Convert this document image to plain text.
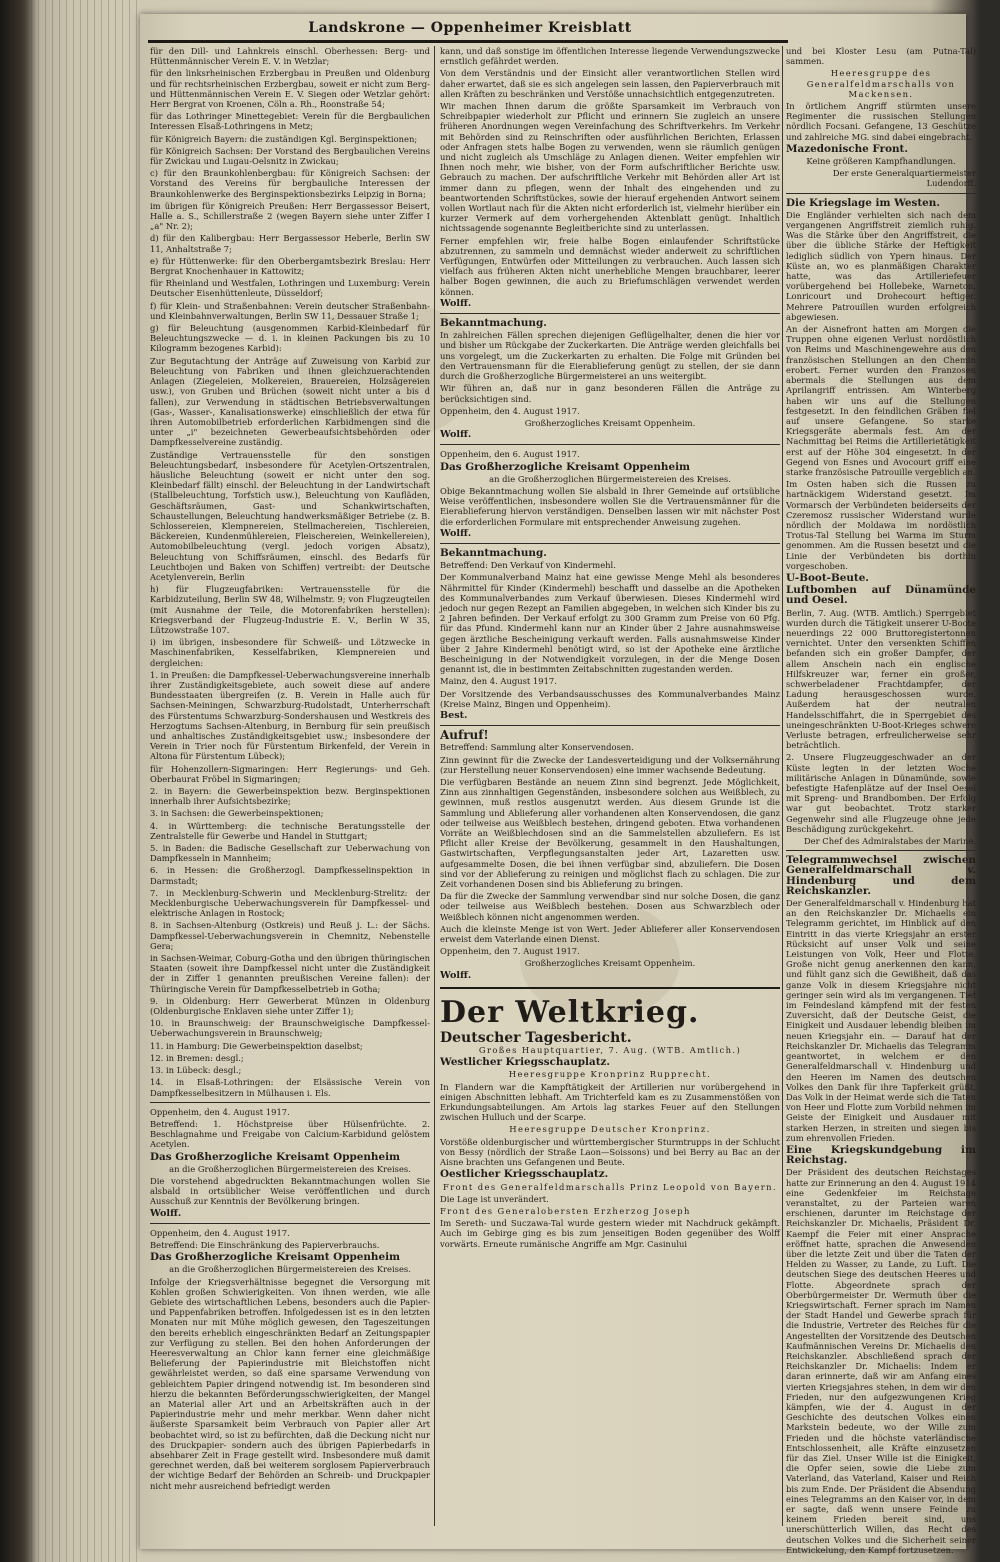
Landskrone — Oppenheimer Kreisblatt

für den Dill- und Lahnkreis einschl. Oberhessen: Berg- und Hüttenmännischer Verein E. V. in Wetzlar;

für den linksrheinischen Erzbergbau in Preußen und Oldenburg und für rechtsrheinischen Erzbergbau, soweit er nicht zum Berg- und Hüttenmännischen Verein E. V. Siegen oder Wetzlar gehört: Herr Bergrat von Kroenen, Cöln a. Rh., Roonstraße 54;

für das Lothringer Minettegebiet: Verein für die Bergbaulichen Interessen Elsaß-Lothringens in Metz;

für Königreich Bayern: die zuständigen Kgl. Berginspektionen;

für Königreich Sachsen: Der Vorstand des Bergbaulichen Vereins für Zwickau und Lugau-Oelsnitz in Zwickau;

c) für den Braunkohlenbergbau: für Königreich Sachsen: der Vorstand des Vereins für bergbauliche Interessen der Braunkohlenwerke des Berginspektionsbezirks Leipzig in Borna;

im übrigen für Königreich Preußen: Herr Bergassessor Beisert, Halle a. S., Schillerstraße 2 (wegen Bayern siehe unter Ziffer I „a" Nr. 2);

d) für den Kalibergbau: Herr Bergassessor Heberle, Berlin SW 11, Anhaltstraße 7;

e) für Hüttenwerke: für den Oberbergamtsbezirk Breslau: Herr Bergrat Knochenhauer in Kattowitz;

für Rheinland und Westfalen, Lothringen und Luxemburg: Verein Deutscher Eisenhüttenleute, Düsseldorf;

f) für Klein- und Straßenbahnen: Verein deutscher Straßenbahn- und Kleinbahnverwaltungen, Berlin SW 11, Dessauer Straße 1;

g) für Beleuchtung (ausgenommen Karbid-Kleinbedarf für Beleuchtungszwecke — d. i. in kleinen Packungen bis zu 10 Kilogramm bezogenes Karbid):

Zur Begutachtung der Anträge auf Zuweisung von Karbid zur Beleuchtung von Fabriken und ihnen gleichzuerachtenden Anlagen (Ziegeleien, Molkereien, Brauereien, Holzsägereien usw.), von Gruben und Brüchen (soweit nicht unter a bis d fallen), zur Verwendung in städtischen Betriebsverwaltungen (Gas-, Wasser-, Kanalisationswerke) einschließlich der etwa für ihren Automobilbetrieb erforderlichen Karbidmengen sind die unter „i" bezeichneten Gewerbeaufsichtsbehörden oder Dampfkesselvereine zuständig.

Zuständige Vertrauensstelle für den sonstigen Beleuchtungsbedarf, insbesondere für Acetylen-Ortszentralen, häusliche Beleuchtung (soweit er nicht unter den sog. Kleinbedarf fällt) einschl. der Beleuchtung in der Landwirtschaft (Stallbeleuchtung, Torfstich usw.), Beleuchtung von Kaufläden, Geschäftsräumen, Gast- und Schankwirtschaften, Schaustellungen, Beleuchtung handwerksmäßiger Betriebe (z. B. Schlossereien, Klempnereien, Stellmachereien, Tischlereien, Bäckereien, Kundenmühlereien, Fleischereien, Weinkellereien), Automobilbeleuchtung (vergl. jedoch vorigen Absatz), Beleuchtung von Schiffsräumen, einschl. des Bedarfs für Leuchtbojen und Baken von Schiffen) vertreibt: der Deutsche Acetylenverein, Berlin

h) für Flugzeugfabriken: Vertrauensstelle für die Karbidzuteilung, Berlin SW 48, Wilhelmstr. 9; von Flugzeugteilen (mit Ausnahme der Teile, die Motorenfabriken herstellen): Kriegsverband der Flugzeug-Industrie E. V., Berlin W 35, Lützowstraße 107.

i) im übrigen, insbesondere für Schweiß- und Lötzwecke in Maschinenfabriken, Kesselfabriken, Klempnereien und dergleichen:

1. in Preußen: die Dampfkessel-Ueberwachungsvereine innerhalb ihrer Zuständigkeitsgebiete, auch soweit diese auf andere Bundesstaaten übergreifen (z. B. Verein in Halle auch für Sachsen-Meiningen, Schwarzburg-Rudolstadt, Unterherrschaft des Fürstentums Schwarzburg-Sondershausen und Westkreis des Herzogtums Sachsen-Altenburg, in Bernburg für sein preußisch und anhaltisches Zuständigkeitsgebiet usw.; insbesondere der Verein in Trier noch für Fürstentum Birkenfeld, der Verein in Altona für Fürstentum Lübeck);

für Hohenzollern-Sigmaringen: Herr Regierungs- und Geh. Oberbaurat Fröbel in Sigmaringen;

2. in Bayern: die Gewerbeinspektion bezw. Berginspektionen innerhalb ihrer Aufsichtsbezirke;

3. in Sachsen: die Gewerbeinspektionen;

4. in Württemberg: die technische Beratungsstelle der Zentralstelle für Gewerbe und Handel in Stuttgart;

5. in Baden: die Badische Gesellschaft zur Ueberwachung von Dampfkesseln in Mannheim;

6. in Hessen: die Großherzogl. Dampfkesselinspektion in Darmstadt;

7. in Mecklenburg-Schwerin und Mecklenburg-Strelitz: der Mecklenburgische Ueberwachungsverein für Dampfkessel- und elektrische Anlagen in Rostock;

8. in Sachsen-Altenburg (Ostkreis) und Reuß j. L.: der Sächs. Dampfkessel-Ueberwachungsverein in Chemnitz, Nebenstelle Gera;

in Sachsen-Weimar, Coburg-Gotha und den übrigen thüringischen Staaten (soweit ihre Dampfkessel nicht unter die Zuständigkeit der in Ziffer 1 genannten preußischen Vereine fallen): der Thüringische Verein für Dampfkesselbetrieb in Gotha;

9. in Oldenburg: Herr Gewerberat Münzen in Oldenburg (Oldenburgische Enklaven siehe unter Ziffer 1);

10. in Braunschweig: der Braunschweigische Dampfkessel-Ueberwachungsverein in Braunschweig;

11. in Hamburg: Die Gewerbeinspektion daselbst;

12. in Bremen: desgl.;

13. in Lübeck: desgl.;

14. in Elsaß-Lothringen: der Elsässische Verein von Dampfkesselbesitzern in Mülhausen i. Els.

Oppenheim, den 4. August 1917.

Betreffend: 1. Höchstpreise über Hülsenfrüchte. 2. Beschlagnahme und Freigabe von Calcium-Karbidund gelöstem Acetylen.

Das Großherzogliche Kreisamt Oppenheim

an die Großherzoglichen Bürgermeistereien des Kreises.

Die vorstehend abgedruckten Bekanntmachungen wollen Sie alsbald in ortsüblicher Weise veröffentlichen und durch Ausschuß zur Kenntnis der Bevölkerung bringen.

Wolff.

Oppenheim, den 4. August 1917.

Betreffend: Die Einschränkung des Papierverbrauchs.

Das Großherzogliche Kreisamt Oppenheim

an die Großherzoglichen Bürgermeistereien des Kreises.

Infolge der Kriegsverhältnisse begegnet die Versorgung mit Kohlen großen Schwierigkeiten. Von ihnen werden, wie alle Gebiete des wirtschaftlichen Lebens, besonders auch die Papier- und Pappenfabriken betroffen. Infolgedessen ist es in den letzten Monaten nur mit Mühe möglich gewesen, den Tageszeitungen den bereits erheblich eingeschränkten Bedarf an Zeitungspapier zur Verfügung zu stellen. Bei den hohen Anforderungen der Heeresverwaltung an Chlor kann ferner eine gleichmäßige Belieferung der Papierindustrie mit Bleichstoffen nicht gewährleistet werden, so daß eine sparsame Verwendung von gebleichtem Papier dringend notwendig ist. Im besonderen sind hierzu die bekannten Beförderungsschwierigkeiten, der Mangel an Material aller Art und an Arbeitskräften auch in der Papierindustrie mehr und mehr merkbar. Wenn daher nicht äußerste Sparsamkeit beim Verbrauch von Papier aller Art beobachtet wird, so ist zu befürchten, daß die Deckung nicht nur des Druckpapier- sondern auch des übrigen Papierbedarfs in absehbarer Zeit in Frage gestellt wird. Insbesondere muß damit gerechnet werden, daß bei weiterem sorglosem Papierverbrauch der wichtige Bedarf der Behörden an Schreib- und Druckpapier nicht mehr ausreichend befriedigt werden

kann, und daß sonstige im öffentlichen Interesse liegende Verwendungszwecke ernstlich gefährdet werden.

Von dem Verständnis und der Einsicht aller verantwortlichen Stellen wird daher erwartet, daß sie es sich angelegen sein lassen, den Papierverbrauch mit allen Kräften zu beschränken und Verstöße unnachsichtlich entgegenzutreten.

Wir machen Ihnen darum die größte Sparsamkeit im Verbrauch von Schreibpapier wiederholt zur Pflicht und erinnern Sie zugleich an unsere früheren Anordnungen wegen Vereinfachung des Schriftverkehrs. Im Verkehr mit Behörden sind zu Reinschriften oder ausführlichen Berichten, Erlassen oder Anfragen stets halbe Bogen zu verwenden, wenn sie räumlich genügen und nicht zugleich als Umschläge zu Anlagen dienen. Weiter empfehlen wir Ihnen noch mehr, wie bisher, von der Form aufschriftlicher Berichte usw. Gebrauch zu machen. Der aufschriftliche Verkehr mit Behörden aller Art ist immer dann zu pflegen, wenn der Inhalt des eingehenden und zu beantwortenden Schriftstückes, sowie der hierauf ergehenden Antwort seinem vollen Wortlaut nach für die Akten nicht erforderlich ist, vielmehr hierüber ein kurzer Vermerk auf dem vorhergehenden Aktenblatt genügt. Inhaltlich nichtssagende sogenannte Begleitberichte sind zu unterlassen.

Ferner empfehlen wir, freie halbe Bogen einlaufender Schriftstücke abzutrennen, zu sammeln und demnächst wieder anderweit zu schriftlichen Verfügungen, Entwürfen oder Mitteilungen zu verbrauchen. Auch lassen sich vielfach aus früheren Akten nicht unerhebliche Mengen brauchbarer, leerer halber Bogen gewinnen, die auch zu Briefumschlägen verwendet werden können.

Wolff.

Bekanntmachung.

In zahlreichen Fällen sprechen diejenigen Geflügelhalter, denen die hier vor und bisher um Rückgabe der Zuckerkarten. Die Anträge werden gleichfalls bei uns vorgelegt, um die Zuckerkarten zu erhalten. Die Folge mit Gründen bei den Vertrauensmann für die Eierablieferung genügt zu stellen, der sie dann durch die Großherzogliche Bürgermeisterei an uns weitergibt.

Wir führen an, daß nur in ganz besonderen Fällen die Anträge zu berücksichtigen sind.

Oppenheim, den 4. August 1917.

Großherzogliches Kreisamt Oppenheim.

Wolff.

Oppenheim, den 6. August 1917.

Das Großherzogliche Kreisamt Oppenheim

an die Großherzoglichen Bürgermeistereien des Kreises.

Obige Bekanntmachung wollen Sie alsbald in Ihrer Gemeinde auf ortsübliche Weise veröffentlichen, insbesondere wollen Sie die Vertrauensmänner für die Eierablieferung hiervon verständigen. Denselben lassen wir mit nächster Post die erforderlichen Formulare mit entsprechender Anweisung zugehen.

Wolff.

Bekanntmachung.

Betreffend: Den Verkauf von Kindermehl.

Der Kommunalverband Mainz hat eine gewisse Menge Mehl als besonderes Nährmittel für Kinder (Kindermehl) beschafft und dasselbe an die Apotheken des Kommunalverbandes zum Verkauf überwiesen. Dieses Kindermehl wird jedoch nur gegen Rezept an Familien abgegeben, in welchen sich Kinder bis zu 2 Jahren befinden. Der Verkauf erfolgt zu 300 Gramm zum Preise von 60 Pfg. für das Pfund. Kindermehl kann nur an Kinder über 2 Jahre ausnahmsweise gegen ärztliche Bescheinigung verkauft werden. Falls ausnahmsweise Kinder über 2 Jahre Kindermehl benötigt wird, so ist der Apotheke eine ärztliche Bescheinigung in der Notwendigkeit vorzulegen, in der die Menge Dosen genannt ist, die in bestimmten Zeitabschnitten zugestanden werden.

Mainz, den 4. August 1917.

Der Vorsitzende des Verbandsausschusses des Kommunalverbandes Mainz (Kreise Mainz, Bingen und Oppenheim).

Best.

Aufruf!

Betreffend: Sammlung alter Konservendosen.

Zinn gewinnt für die Zwecke der Landesverteidigung und der Volksernährung (zur Herstellung neuer Konservendosen) eine immer wachsende Bedeutung.

Die verfügbaren Bestände an neuem Zinn sind begrenzt. Jede Möglichkeit, Zinn aus zinnhaltigen Gegenständen, insbesondere solchen aus Weißblech, zu gewinnen, muß restlos ausgenutzt werden. Aus diesem Grunde ist die Sammlung und Ablieferung aller vorhandenen alten Konservendosen, die ganz oder teilweise aus Weißblech bestehen, dringend geboten. Etwa vorhandenen Vorräte an Weißblechdosen sind an die Sammelstellen abzuliefern. Es ist Pflicht aller Kreise der Bevölkerung, gesammelt in den Haushaltungen, Gastwirtschaften, Verpflegungsanstalten jeder Art, Lazaretten usw. aufgesammelte Dosen, die bei ihnen verfügbar sind, abzuliefern. Die Dosen sind vor der Ablieferung zu reinigen und möglichst flach zu schlagen. Die zur Zeit vorhandenen Dosen sind bis Ablieferung zu bringen.

Da für die Zwecke der Sammlung verwendbar sind nur solche Dosen, die ganz oder teilweise aus Weißblech bestehen. Dosen aus Schwarzblech oder Weißblech können nicht angenommen werden.

Auch die kleinste Menge ist von Wert. Jeder Ablieferer aller Konservendosen erweist dem Vaterlande einen Dienst.

Oppenheim, den 7. August 1917.

Großherzogliches Kreisamt Oppenheim.

Wolff.

Der Weltkrieg.

Deutscher Tagesbericht.

Großes Hauptquartier, 7. Aug. (WTB. Amtlich.)

Westlicher Kriegsschauplatz.

Heeresgruppe Kronprinz Rupprecht.

In Flandern war die Kampftätigkeit der Artillerien nur vorübergehend in einigen Abschnitten lebhaft. Am Trichterfeld kam es zu Zusammenstößen von Erkundungsabteilungen. Am Artois lag starkes Feuer auf den Stellungen zwischen Hulluch und der Scarpe.

Heeresgruppe Deutscher Kronprinz.

Vorstöße oldenburgischer und württembergischer Sturmtrupps in der Schlucht von Bessy (nördlich der Straße Laon—Soissons) und bei Berry au Bac an der Aisne brachten uns Gefangenen und Beute.

Oestlicher Kriegsschauplatz.

Front des Generalfeldmarschalls Prinz Leopold von Bayern.

Die Lage ist unverändert.

Front des Generalobersten Erzherzog Joseph

Im Sereth- und Suczawa-Tal wurde gestern wieder mit Nachdruck gekämpft. Auch im Gebirge ging es bis zum jenseitigen Boden gegenüber des Wolff vorwärts. Erneute rumänische Angriffe am Mgr. Casinului

und bei Kloster Lesu (am Putna-Tal) sammen.

Heeresgruppe des Generalfeldmarschalls von Mackensen.

In örtlichem Angriff stürmten unsere Regimenter die russischen Stellungen nördlich Focsani. Gefangene, 13 Geschütze und zahlreiche MG. sind dabei eingebracht.

Mazedonische Front.

Keine größeren Kampfhandlungen.

Der erste Generalquartiermeister Ludendorff.

Die Kriegslage im Westen.

Die Engländer verhielten sich nach dem vergangenen Angriffstreit ziemlich ruhig. Was die Stärke über den Angriffstreit, die über die übliche Stärke der Heftigkeit lediglich südlich von Ypern hinaus. Der Küste an, wo es planmäßigen Charakter hatte, was das Artilleriefeuer vorübergehend bei Hollebeke, Warneton, Lonricourt und Drohecourt heftiger. Mehrere Patrouillen wurden erfolgreich abgewiesen.

An der Aisnefront hatten am Morgen die Truppen ohne eigenen Verlust nordöstlich von Reims und Maschinengewehre aus den französischen Stellungen an den Chemin erobert. Ferner wurden den Franzosen abermals die Stellungen aus dem Aprilangriff entrissen. Am Winterberg haben wir uns auf die Stellungen festgesetzt. In den feindlichen Gräben fiel auf unsere Gefangene. So starke Kriegsgeräte abermals fest. Am der Nachmittag bei Reims die Artillerietätigkeit erst auf der Höhe 304 eingesetzt. In der Gegend von Esnes und Avocourt griff eine starke französische Patrouille vergeblich an.

Im Osten haben sich die Russen zu hartnäckigem Widerstand gesetzt. Im Vormarsch der Verbündeten beiderseits der Czeremosz russischer Widerstand wurde nördlich der Moldawa im nordöstlich Trotus-Tal Stellung bei Warma im Sturm genommen. Am die Russen besetzt und die Linie der Verbündeten bis dorthin vorgeschoben.

U-Boot-Beute.

Luftbomben auf Dünamünde und Oesel.

Berlin, 7. Aug. (WTB. Amtlich.) Sperrgebiet wurden durch die Tätigkeit unserer U-Boote neuerdings 22 000 Bruttoregistertonnen vernichtet. Unter den versenkten Schiffen befanden sich ein großer Dampfer, der allem Anschein nach ein englische Hilfskreuzer war, ferner ein großer, schwerbeladener Frachtdampfer, der Ladung herausgeschossen wurde. Außerdem hat der neutralen Handelsschiffahrt, die in Sperrgebiet des uneingeschränkten U-Boot-Krieges schwere Verluste betragen, erfreulicherweise sehr beträchtlich.

2. Unsere Flugzeuggeschwader an der Küste legten in der letzten Woche militärische Anlagen in Dünamünde, sowie befestigte Hafenplätze auf der Insel Oesel mit Spreng- und Brandbomben. Der Erfolg war gut beobachtet. Trotz starker Gegenwehr sind alle Flugzeuge ohne jede Beschädigung zurückgekehrt.

Der Chef des Admiralstabes der Marine.

Telegrammwechsel zwischen Generalfeldmarschall v. Hindenburg und dem Reichskanzler.

Der Generalfeldmarschall v. Hindenburg hat an den Reichskanzler Dr. Michaelis ein Telegramm gerichtet, im Hinblick auf den Eintritt in das vierte Kriegsjahr an erster Rücksicht auf unser Volk und seine Leistungen von Volk, Heer und Flotte. Große nicht genug anerkennen den kann, und fühlt ganz sich die Gewißheit, daß das ganze Volk in diesem Kriegsjahre nicht geringer sein wird als im vergangenen. Tief im Feindesland kämpfend mit der festen Zuversicht, daß der Deutsche Geist, die Einigkeit und Ausdauer lebendig bleiben im neuen Kriegsjahr ein. — Darauf hat der Reichskanzler Dr. Michaelis das Telegramm geantwortet, in welchem er den Generalfeldmarschall v. Hindenburg und den Heeren im Namen des deutschen Volkes den Dank für ihre Tapferkeit grüßt. Das Volk in der Heimat werde sich die Taten von Heer und Flotte zum Vorbild nehmen im Geiste der Einigkeit und Ausdauer mit starken Herzen, in streiten und siegen bis zum ehrenvollen Frieden.

Eine Kriegskundgebung im Reichstag.

Der Präsident des deutschen Reichstages hatte zur Erinnerung an den 4. August 1914 eine Gedenkfeier im Reichstage veranstaltet, zu der Parteien waren erschienen, darunter im Reichstage der Reichskanzler Dr. Michaelis, Präsident Dr. Kaempf die Feier mit einer Ansprache eröffnet hatte, sprachen die Anwesenden über die letzte Zeit und über die Taten der Helden zu Wasser, zu Lande, zu Luft. Die deutschen Siege des deutschen Heeres und Flotte. Abgeordnete sprach der Oberbürgermeister Dr. Wermuth über die Kriegswirtschaft. Ferner sprach im Namen der Stadt Handel und Gewerbe sprach für die Industrie, Vertreter des Reiches für die Angestellten der Vorsitzende des Deutschen Kaufmännischen Vereins Dr. Michaelis den Reichskanzler. Abschließend sprach der Reichskanzler Dr. Michaelis: Indem er daran erinnerte, daß wir am Anfang eines vierten Kriegsjahres stehen, in dem wir den Frieden, nur den aufgezwungenen Krieg kämpfen, wie der 4. August in der Geschichte des deutschen Volkes einen Markstein bedeute, wo der Wille zum Frieden und die höchste vaterländische Entschlossenheit, alle Kräfte einzusetzen für das Ziel. Unser Wille ist die Einigkeit, die Opfer seien, sowie die Liebe zum Vaterland, das Vaterland, Kaiser und Reich bis zum Ende. Der Präsident die Absendung eines Telegramms an den Kaiser vor, in dem er sagte, daß wenn unsere Feinde zu keinem Frieden bereit sind, uns unerschütterlich Willen, das Recht des deutschen Volkes und die Sicherheit seiner Entwickelung, den Kampf fortzusetzen.
